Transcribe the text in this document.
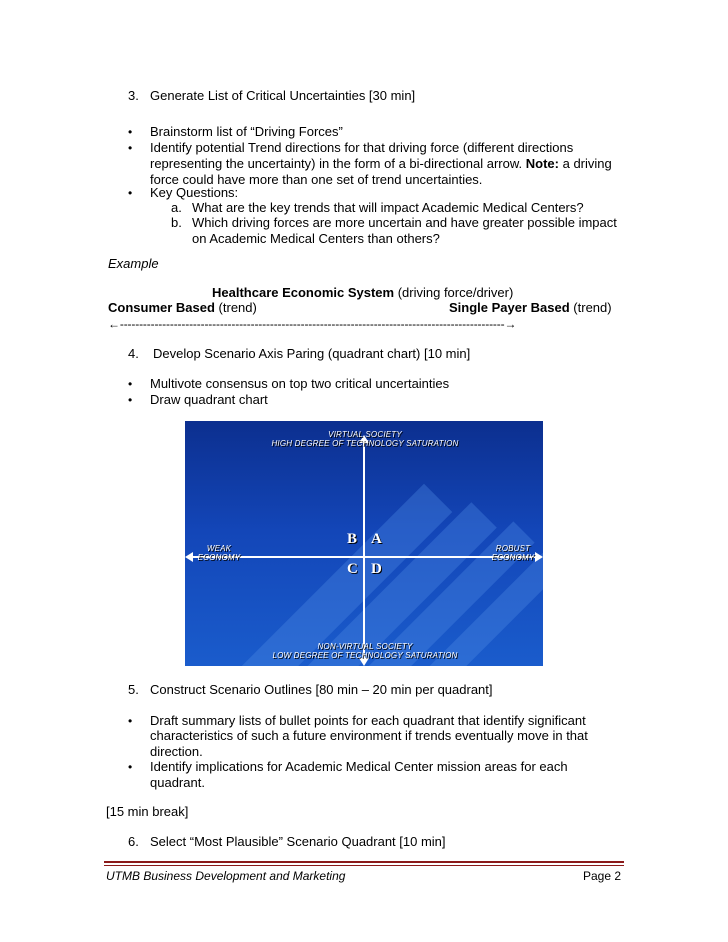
3. Generate List of Critical Uncertainties [30 min]
• Brainstorm list of “Driving Forces”
• Identify potential Trend directions for that driving force (different directions
representing the uncertainty) in the form of a bi-directional arrow. Note: a driving
force could have more than one set of trend uncertainties.
• Key Questions:
a. What are the key trends that will impact Academic Medical Centers?
b. Which driving forces are more uncertain and have greater possible impact
on Academic Medical Centers than others?
Example
Healthcare Economic System (driving force/driver)
Consumer Based (trend)	Single Payer Based (trend)
←----------------------------------------------------------------------------------------------------→
4. Develop Scenario Axis Paring (quadrant chart) [10 min]
• Multivote consensus on top two critical uncertainties
• Draw quadrant chart
VIRTUAL SOCIETY
HIGH DEGREE OF TECHNOLOGY SATURATION
NON-VIRTUAL SOCIETY
LOW DEGREE OF TECHNOLOGY SATURATION
WEAK
ECONOMY
ROBUST
ECONOMY
B A
C D
5. Construct Scenario Outlines [80 min – 20 min per quadrant]
• Draft summary lists of bullet points for each quadrant that identify significant
characteristics of such a future environment if trends eventually move in that
direction.
• Identify implications for Academic Medical Center mission areas for each
quadrant.
[15 min break]
6. Select “Most Plausible” Scenario Quadrant [10 min]
UTMB Business Development and Marketing	Page 2
